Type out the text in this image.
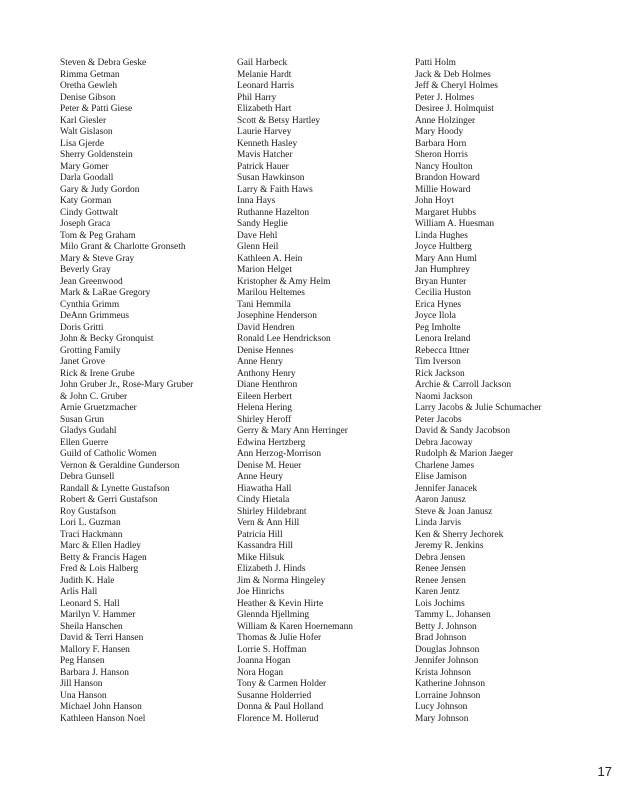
Steven & Debra Geske
Rimma Getman
Oretha Gewleh
Denise Gibson
Peter & Patti Giese
Karl Giesler
Walt Gislason
Lisa Gjerde
Sherry Goldenstein
Mary Gomer
Darla Goodall
Gary & Judy Gordon
Katy Gorman
Cindy Gottwalt
Joseph Graca
Tom & Peg Graham
Milo Grant & Charlotte Gronseth
Mary & Steve Gray
Beverly Gray
Jean Greenwood
Mark & LaRae Gregory
Cynthia Grimm
DeAnn Grimmeus
Doris Gritti
John & Becky Gronquist
Grotting Family
Janet Grove
Rick & Irene Grube
John Gruber Jr., Rose-Mary Gruber
& John C. Gruber
Arnie Gruetzmacher
Susan Grun
Gladys Gudahl
Ellen Guerre
Guild of Catholic Women
Vernon & Geraldine Gunderson
Debra Gunsell
Randall & Lynette Gustafson
Robert & Gerri Gustafson
Roy Gustafson
Lori L. Guzman
Traci Hackmann
Marc & Ellen Hadley
Betty & Francis Hagen
Fred & Lois Halberg
Judith K. Hale
Arlis Hall
Leonard S. Hall
Marilyn V. Hammer
Sheila Hanschen
David & Terri Hansen
Mallory F. Hansen
Peg Hansen
Barbara J. Hanson
Jill Hanson
Una Hanson
Michael John Hanson
Kathleen Hanson Noel
Gail Harbeck
Melanie Hardt
Leonard Harris
Phil Harry
Elizabeth Hart
Scott & Betsy Hartley
Laurie Harvey
Kenneth Hasley
Mavis Hatcher
Patrick Hauer
Susan Hawkinson
Larry & Faith Haws
Inna Hays
Ruthanne Hazelton
Sandy Heglie
Dave Hehl
Glenn Heil
Kathleen A. Hein
Marion Helget
Kristopher & Amy Helm
Marilou Heltemes
Tani Hemmila
Josephine Henderson
David Hendren
Ronald Lee Hendrickson
Denise Hennes
Anne Henry
Anthony Henry
Diane Henthron
Eileen Herbert
Helena Hering
Shirley Heroff
Gerry & Mary Ann Herringer
Edwina Hertzberg
Ann Herzog-Morrison
Denise M. Heuer
Anne Heury
Hiawatha Hall
Cindy Hietala
Shirley Hildebrant
Vern & Ann Hill
Patricia Hill
Kassandra Hill
Mike Hilsuk
Elizabeth J. Hinds
Jim & Norma Hingeley
Joe Hinrichs
Heather & Kevin Hirte
Glennda Hjellming
William & Karen Hoernemann
Thomas & Julie Hofer
Lorrie S. Hoffman
Joanna Hogan
Nora Hogan
Tony & Carmen Holder
Susanne Holderried
Donna & Paul Holland
Florence M. Hollerud
Patti Holm
Jack & Deb Holmes
Jeff & Cheryl Holmes
Peter J. Holmes
Desiree J. Holmquist
Anne Holzinger
Mary Hoody
Barbara Horn
Sheron Horris
Nancy Houlton
Brandon Howard
Millie Howard
John Hoyt
Margaret Hubbs
William A. Huesman
Linda Hughes
Joyce Hultberg
Mary Ann Huml
Jan Humphrey
Bryan Hunter
Cecilia Huston
Erica Hynes
Joyce Ilola
Peg Imholte
Lenora Ireland
Rebecca Ittner
Tim Iverson
Rick Jackson
Archie & Carroll Jackson
Naomi Jackson
Larry Jacobs & Julie Schumacher
Peter Jacobs
David & Sandy Jacobson
Debra Jacoway
Rudolph & Marion Jaeger
Charlene James
Elise Jamison
Jennifer Janacek
Aaron Janusz
Steve & Joan Janusz
Linda Jarvis
Ken & Sherry Jechorek
Jeremy R. Jenkins
Debra Jensen
Renee Jensen
Renee Jensen
Karen Jentz
Lois Jochims
Tammy L. Johansen
Betty J. Johnson
Brad Johnson
Douglas Johnson
Jennifer Johnson
Krista Johnson
Katherine Johnson
Lorraine Johnson
Lucy Johnson
Mary Johnson
17
